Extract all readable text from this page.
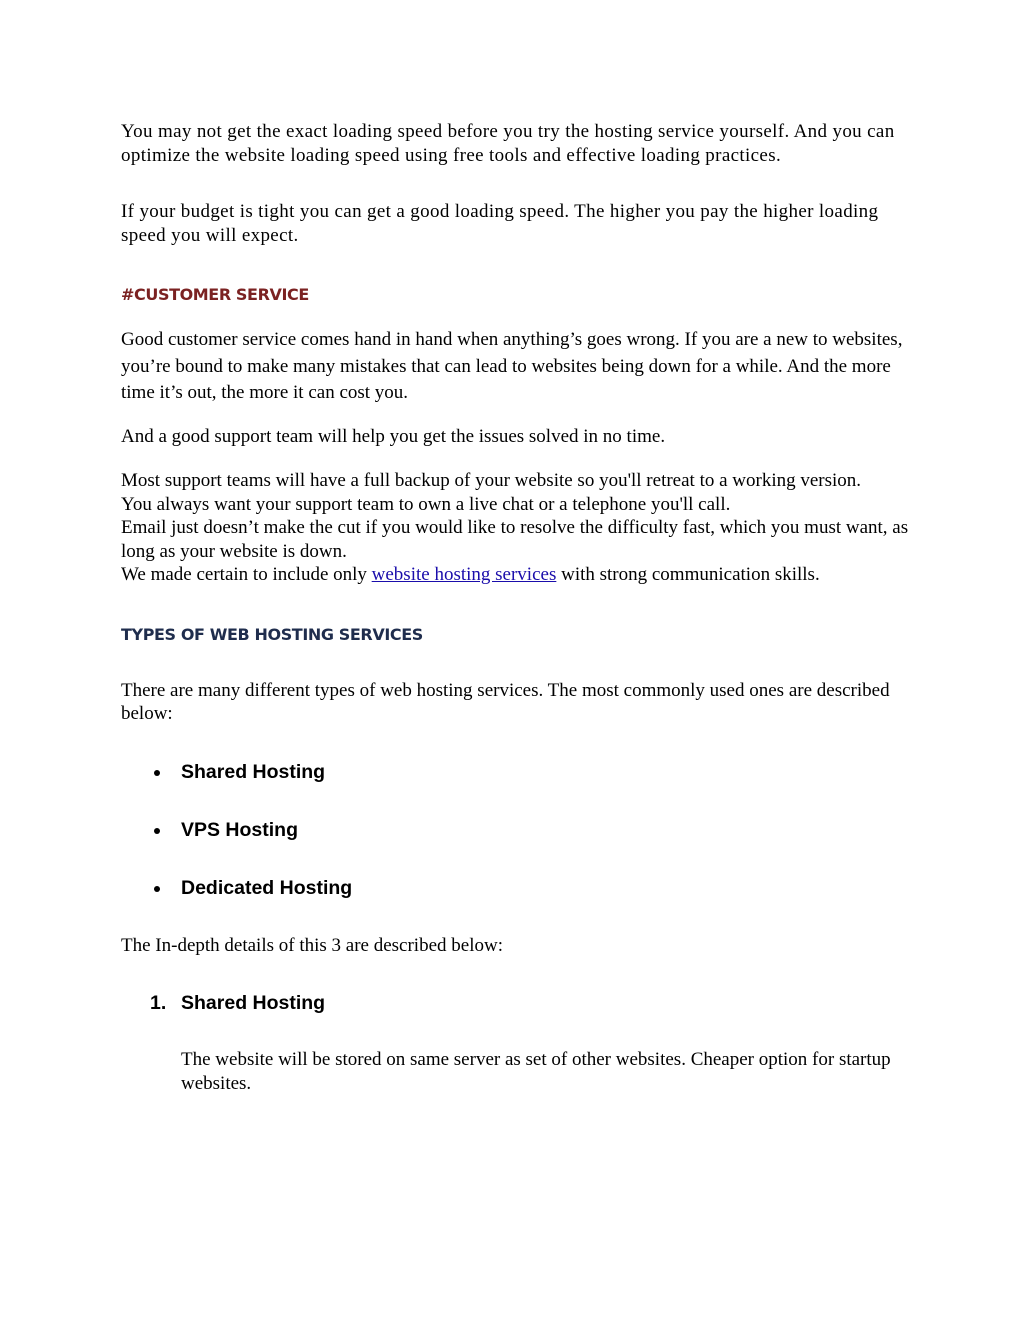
You may not get the exact loading speed before you try the hosting service yourself. And you can optimize the website loading speed using free tools and effective loading practices.

If your budget is tight you can get a good loading speed. The higher you pay the higher loading speed you will expect.

#CUSTOMER SERVICE

Good customer service comes hand in hand when anything’s goes wrong. If you are a new to websites, you’re bound to make many mistakes that can lead to websites being down for a while. And the more time it’s out, the more it can cost you.

And a good support team will help you get the issues solved in no time.

Most support teams will have a full backup of your website so you'll retreat to a working version.
You always want your support team to own a live chat or a telephone you'll call.
Email just doesn’t make the cut if you would like to resolve the difficulty fast, which you must want, as long as your website is down.
We made certain to include only website hosting services with strong communication skills.
TYPES OF WEB HOSTING SERVICES

There are many different types of web hosting services. The most commonly used ones are described below:

Shared Hosting
VPS Hosting
Dedicated Hosting

The In-depth details of this 3 are described below:

1. Shared Hosting

The website will be stored on same server as set of other websites. Cheaper option for startup websites.
